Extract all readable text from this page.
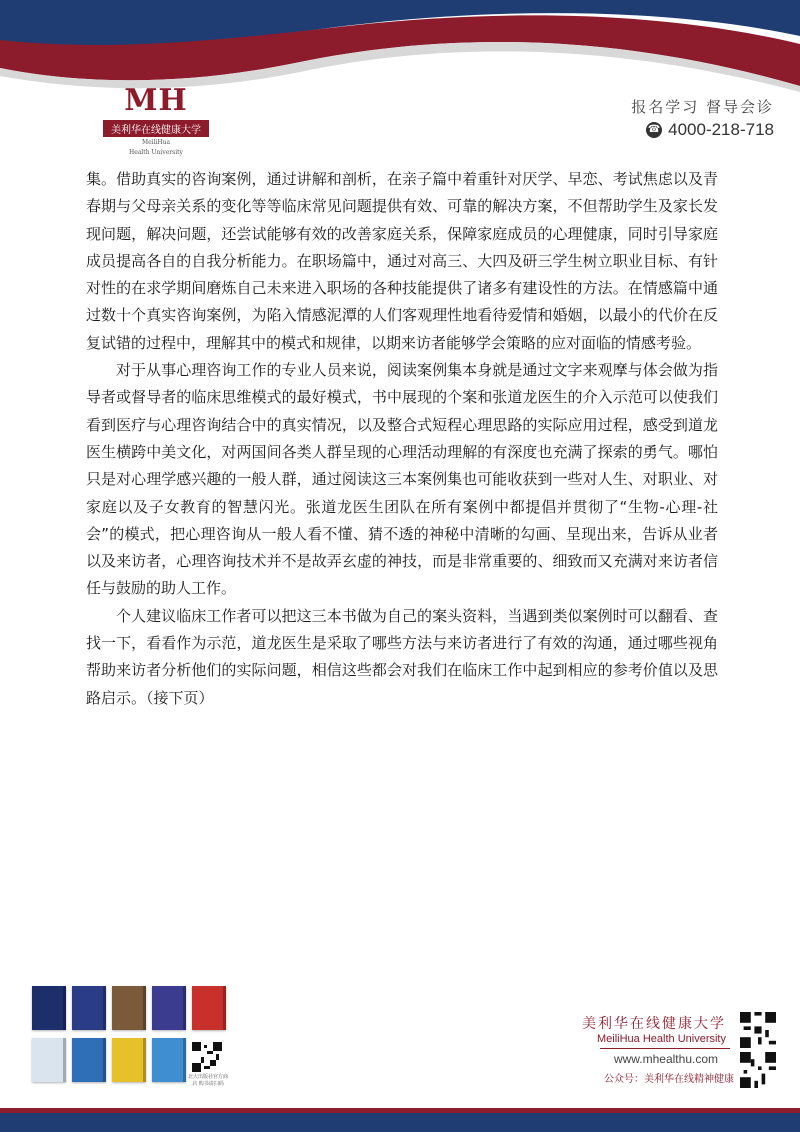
MH
美利华在线健康大学
MeiliHua
Health University
报名学习 督导会诊
☎ 4000-218-718

集。借助真实的咨询案例，通过讲解和剖析，在亲子篇中着重针对厌学、早恋、考试焦虑以及青春期与父母亲关系的变化等等临床常见问题提供有效、可靠的解决方案，不但帮助学生及家长发现问题，解决问题，还尝试能够有效的改善家庭关系，保障家庭成员的心理健康，同时引导家庭成员提高各自的自我分析能力。在职场篇中，通过对高三、大四及研三学生树立职业目标、有针对性的在求学期间磨炼自己未来进入职场的各种技能提供了诸多有建设性的方法。在情感篇中通过数十个真实咨询案例，为陷入情感泥潭的人们客观理性地看待爱情和婚姻，以最小的代价在反复试错的过程中，理解其中的模式和规律，以期来访者能够学会策略的应对面临的情感考验。

对于从事心理咨询工作的专业人员来说，阅读案例集本身就是通过文字来观摩与体会做为指导者或督导者的临床思维模式的最好模式，书中展现的个案和张道龙医生的介入示范可以使我们看到医疗与心理咨询结合中的真实情况，以及整合式短程心理思路的实际应用过程，感受到道龙医生横跨中美文化，对两国间各类人群呈现的心理活动理解的有深度也充满了探索的勇气。哪怕只是对心理学感兴趣的一般人群，通过阅读这三本案例集也可能收获到一些对人生、对职业、对家庭以及子女教育的智慧闪光。张道龙医生团队在所有案例中都提倡并贯彻了“生物-心理-社会”的模式，把心理咨询从一般人看不懂、猜不透的神秘中清晰的勾画、呈现出来，告诉从业者以及来访者，心理咨询技术并不是故弄玄虚的神技，而是非常重要的、细致而又充满对来访者信任与鼓励的助人工作。

个人建议临床工作者可以把这三本书做为自己的案头资料，当遇到类似案例时可以翻看、查找一下，看看作为示范，道龙医生是采取了哪些方法与来访者进行了有效的沟通，通过哪些视角帮助来访者分析他们的实际问题，相信这些都会对我们在临床工作中起到相应的参考价值以及思路启示。（接下页）

北大出版社官方商店 购书请扫码
美利华在线健康大学
MeiliHua Health University
www.mhealthu.com
公众号：美利华在线精神健康
